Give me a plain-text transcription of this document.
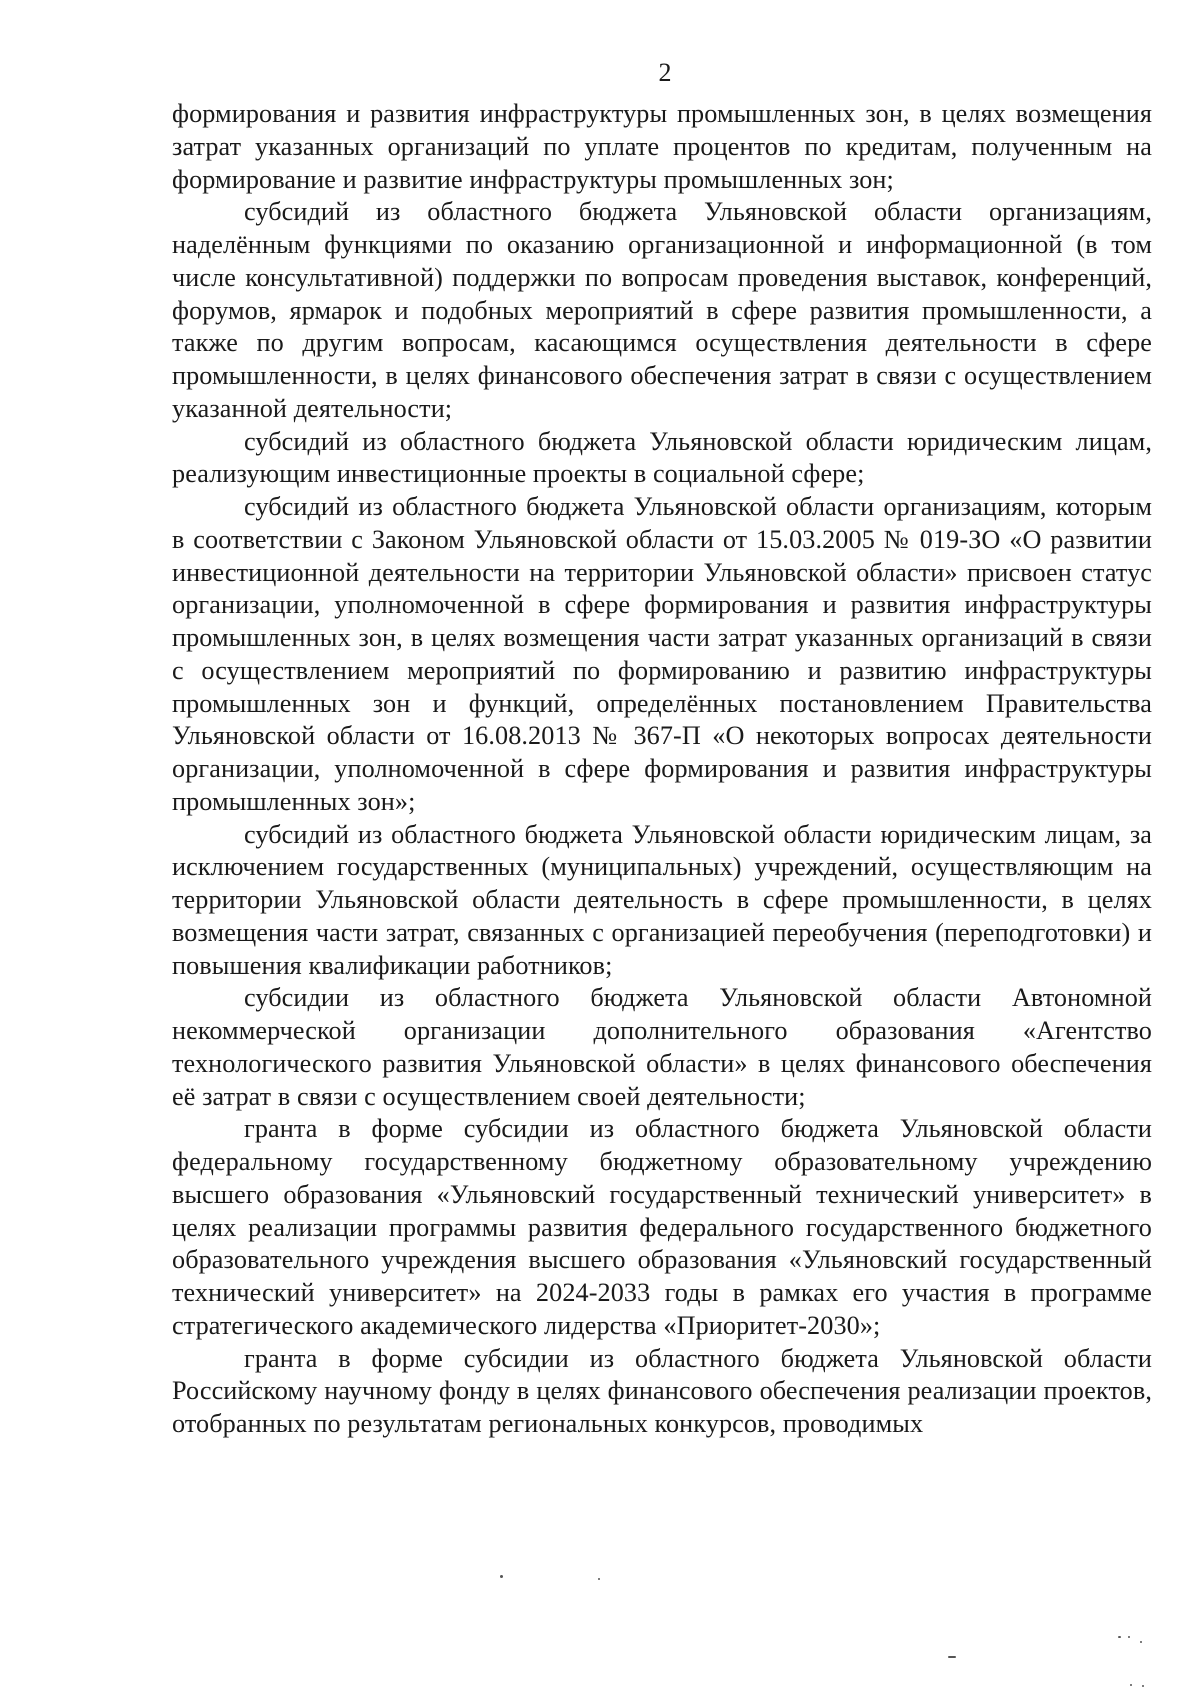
2

формирования и развития инфраструктуры промышленных зон, в целях возмещения затрат указанных организаций по уплате процентов по кредитам, полученным на формирование и развитие инфраструктуры промышленных зон;

субсидий из областного бюджета Ульяновской области организациям, наделённым функциями по оказанию организационной и информационной (в том числе консультативной) поддержки по вопросам проведения выставок, конференций, форумов, ярмарок и подобных мероприятий в сфере развития промышленности, а также по другим вопросам, касающимся осуществления деятельности в сфере промышленности, в целях финансового обеспечения затрат в связи с осуществлением указанной деятельности;

субсидий из областного бюджета Ульяновской области юридическим лицам, реализующим инвестиционные проекты в социальной сфере;

субсидий из областного бюджета Ульяновской области организациям, которым в соответствии с Законом Ульяновской области от 15.03.2005 № 019-ЗО «О развитии инвестиционной деятельности на территории Ульяновской области» присвоен статус организации, уполномоченной в сфере формирования и развития инфраструктуры промышленных зон, в целях возмещения части затрат указанных организаций в связи с осуществлением мероприятий по формированию и развитию инфраструктуры промышленных зон и функций, определённых постановлением Правительства Ульяновской области от 16.08.2013 № 367-П «О некоторых вопросах деятельности организации, уполномоченной в сфере формирования и развития инфраструктуры промышленных зон»;

субсидий из областного бюджета Ульяновской области юридическим лицам, за исключением государственных (муниципальных) учреждений, осуществляющим на территории Ульяновской области деятельность в сфере промышленности, в целях возмещения части затрат, связанных с организацией переобучения (переподготовки) и повышения квалификации работников;

субсидии из областного бюджета Ульяновской области Автономной некоммерческой организации дополнительного образования «Агентство технологического развития Ульяновской области» в целях финансового обеспечения её затрат в связи с осуществлением своей деятельности;

гранта в форме субсидии из областного бюджета Ульяновской области федеральному государственному бюджетному образовательному учреждению высшего образования «Ульяновский государственный технический университет» в целях реализации программы развития федерального государственного бюджетного образовательного учреждения высшего образования «Ульяновский государственный технический университет» на 2024-2033 годы в рамках его участия в программе стратегического академического лидерства «Приоритет-2030»;

гранта в форме субсидии из областного бюджета Ульяновской области Российскому научному фонду в целях финансового обеспечения реализации проектов, отобранных по результатам региональных конкурсов, проводимых
